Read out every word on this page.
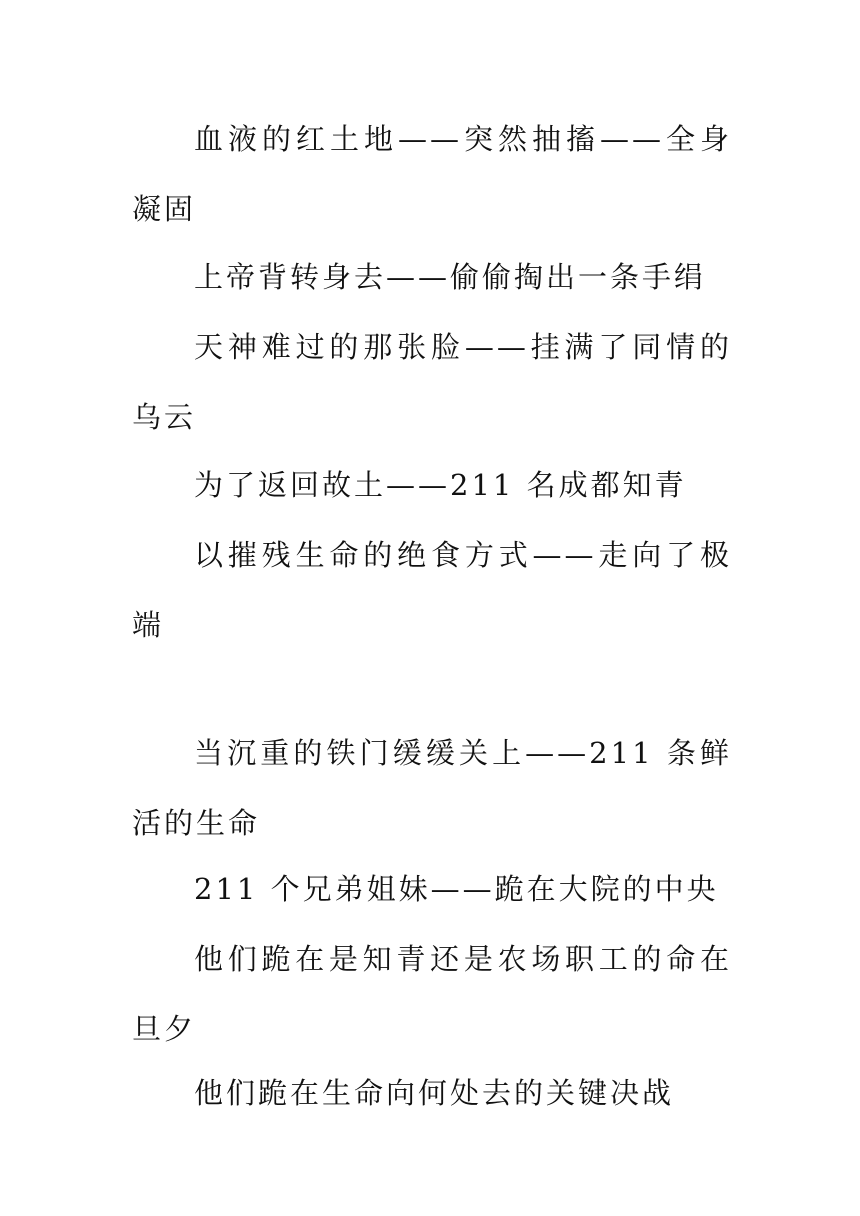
血液的红土地——突然抽搐——全身凝固

上帝背转身去——偷偷掏出一条手绢

天神难过的那张脸——挂满了同情的乌云

为了返回故土——211 名成都知青

以摧残生命的绝食方式——走向了极端

当沉重的铁门缓缓关上——211 条鲜活的生命

211 个兄弟姐妹——跪在大院的中央

他们跪在是知青还是农场职工的命在旦夕

他们跪在生命向何处去的关键决战
